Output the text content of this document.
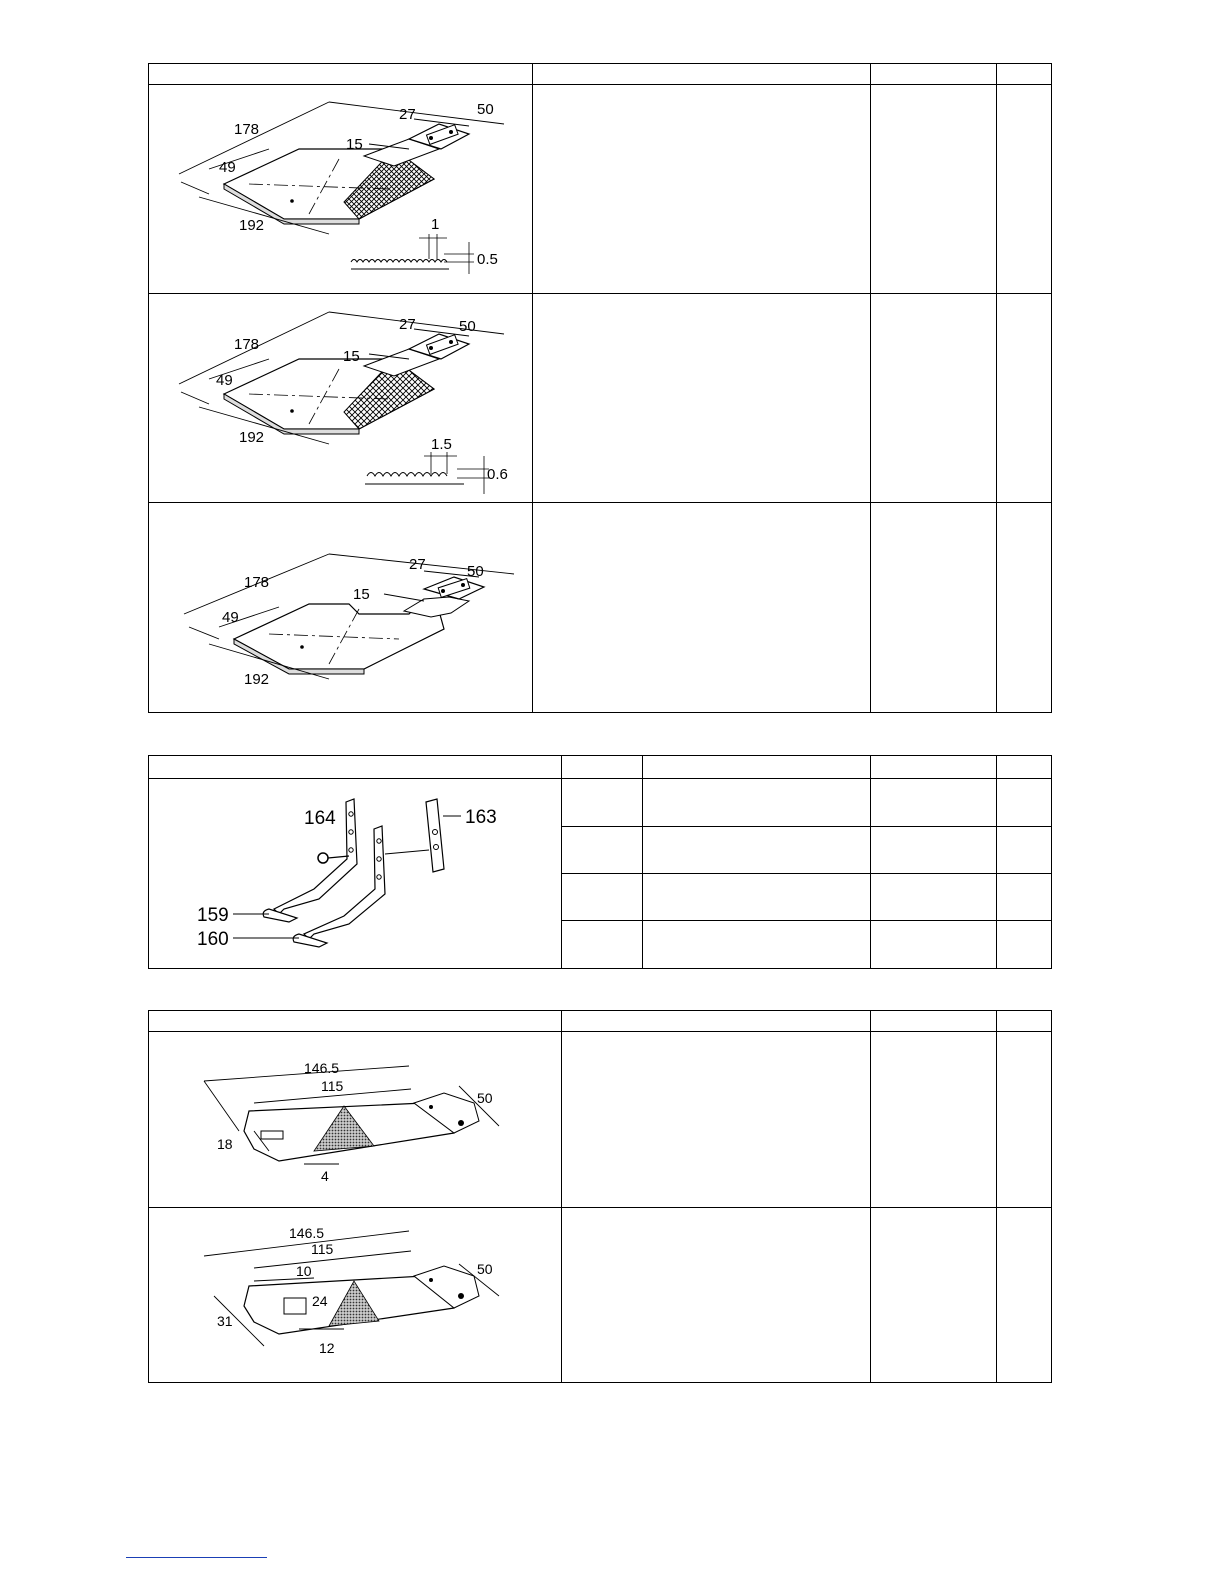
178
27	50
15
49
192	1
0.5
178
27	50
15
49
192	1.5
0.6
178
27	50
15
49
192
164	163
159
160
146.5
115
50
18
4
146.5
115
10	50
24
31
12
